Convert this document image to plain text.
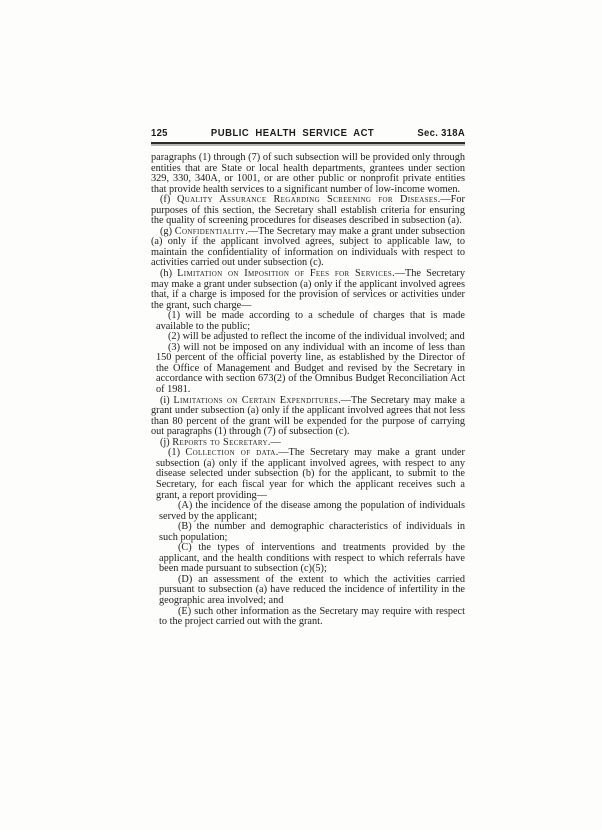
125	PUBLIC HEALTH SERVICE ACT	Sec. 318A

paragraphs (1) through (7) of such subsection will be provided only through entities that are State or local health departments, grantees under section 329, 330, 340A, or 1001, or are other public or nonprofit private entities that provide health services to a significant number of low-income women.

(f) Quality Assurance Regarding Screening for Diseases.—For purposes of this section, the Secretary shall establish criteria for ensuring the quality of screening procedures for diseases described in subsection (a).

(g) Confidentiality.—The Secretary may make a grant under subsection (a) only if the applicant involved agrees, subject to applicable law, to maintain the confidentiality of information on individuals with respect to activities carried out under subsection (c).

(h) Limitation on Imposition of Fees for Services.—The Secretary may make a grant under subsection (a) only if the applicant involved agrees that, if a charge is imposed for the provision of services or activities under the grant, such charge—

(1) will be made according to a schedule of charges that is made available to the public;

(2) will be adjusted to reflect the income of the individual involved; and

(3) will not be imposed on any individual with an income of less than 150 percent of the official poverty line, as established by the Director of the Office of Management and Budget and revised by the Secretary in accordance with section 673(2) of the Omnibus Budget Reconciliation Act of 1981.

(i) Limitations on Certain Expenditures.—The Secretary may make a grant under subsection (a) only if the applicant involved agrees that not less than 80 percent of the grant will be expended for the purpose of carrying out paragraphs (1) through (7) of subsection (c).

(j) Reports to Secretary.—

(1) Collection of data.—The Secretary may make a grant under subsection (a) only if the applicant involved agrees, with respect to any disease selected under subsection (b) for the applicant, to submit to the Secretary, for each fiscal year for which the applicant receives such a grant, a report providing—

(A) the incidence of the disease among the population of individuals served by the applicant;

(B) the number and demographic characteristics of individuals in such population;

(C) the types of interventions and treatments provided by the applicant, and the health conditions with respect to which referrals have been made pursuant to subsection (c)(5);

(D) an assessment of the extent to which the activities carried pursuant to subsection (a) have reduced the incidence of infertility in the geographic area involved; and

(E) such other information as the Secretary may require with respect to the project carried out with the grant.
